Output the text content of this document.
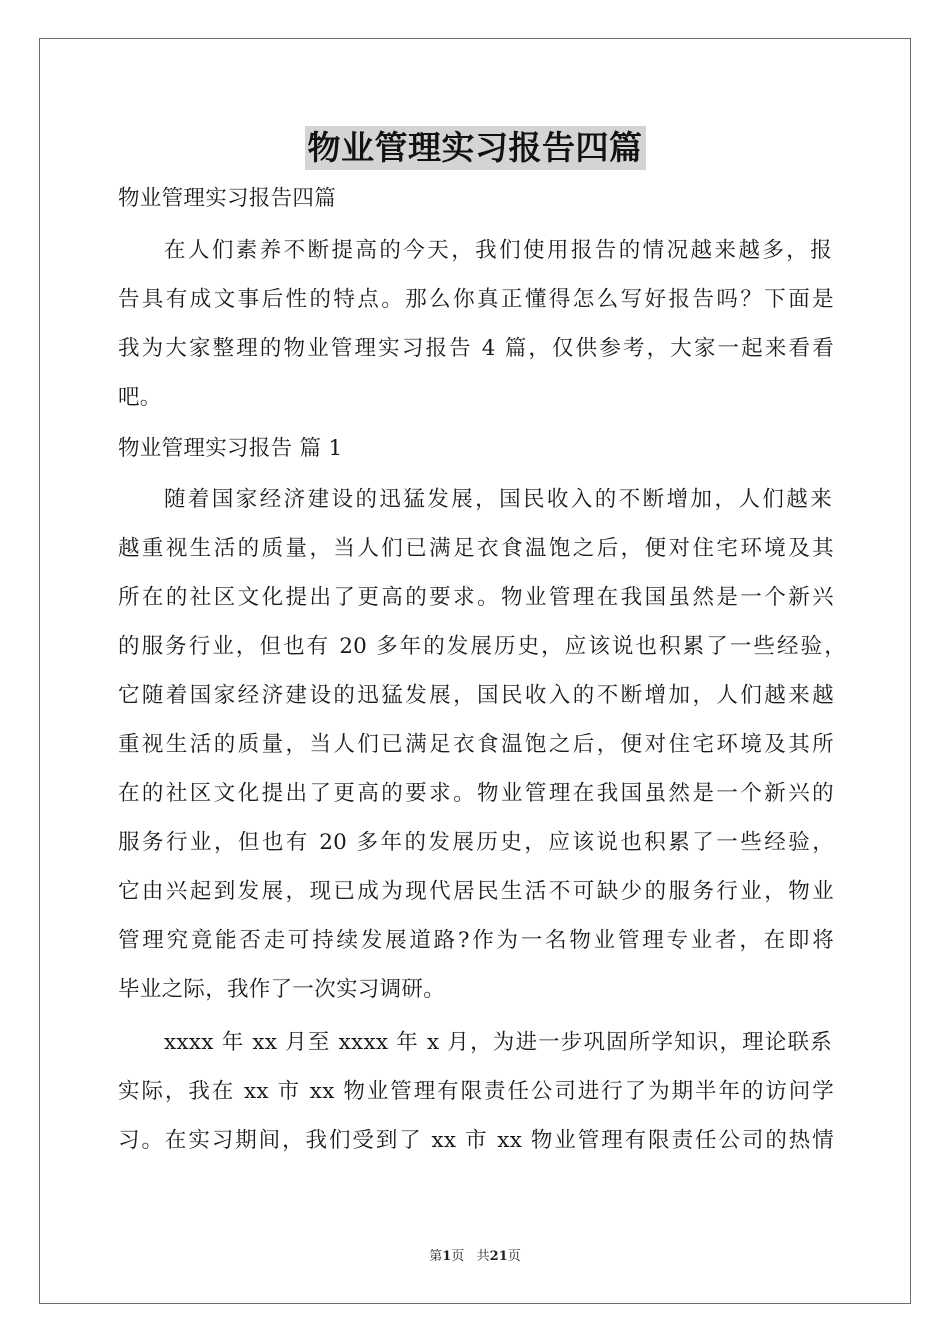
物业管理实习报告四篇
物业管理实习报告四篇
在人们素养不断提高的今天，我们使用报告的情况越来越多，报
告具有成文事后性的特点。那么你真正懂得怎么写好报告吗？下面是
我为大家整理的物业管理实习报告 4 篇，仅供参考，大家一起来看看
吧。
物业管理实习报告 篇 1
随着国家经济建设的迅猛发展，国民收入的不断增加，人们越来
越重视生活的质量，当人们已满足衣食温饱之后，便对住宅环境及其
所在的社区文化提出了更高的要求。物业管理在我国虽然是一个新兴
的服务行业，但也有 20 多年的发展历史，应该说也积累了一些经验，
它随着国家经济建设的迅猛发展，国民收入的不断增加，人们越来越
重视生活的质量，当人们已满足衣食温饱之后，便对住宅环境及其所
在的社区文化提出了更高的要求。物业管理在我国虽然是一个新兴的
服务行业，但也有 20 多年的发展历史，应该说也积累了一些经验，
它由兴起到发展，现已成为现代居民生活不可缺少的服务行业，物业
管理究竟能否走可持续发展道路?作为一名物业管理专业者，在即将
毕业之际，我作了一次实习调研。
xxxx 年 xx 月至 xxxx 年 x 月，为进一步巩固所学知识，理论联系
实际，我在 xx 市 xx 物业管理有限责任公司进行了为期半年的访问学
习。在实习期间，我们受到了 xx 市 xx 物业管理有限责任公司的热情
第1页   共21页
